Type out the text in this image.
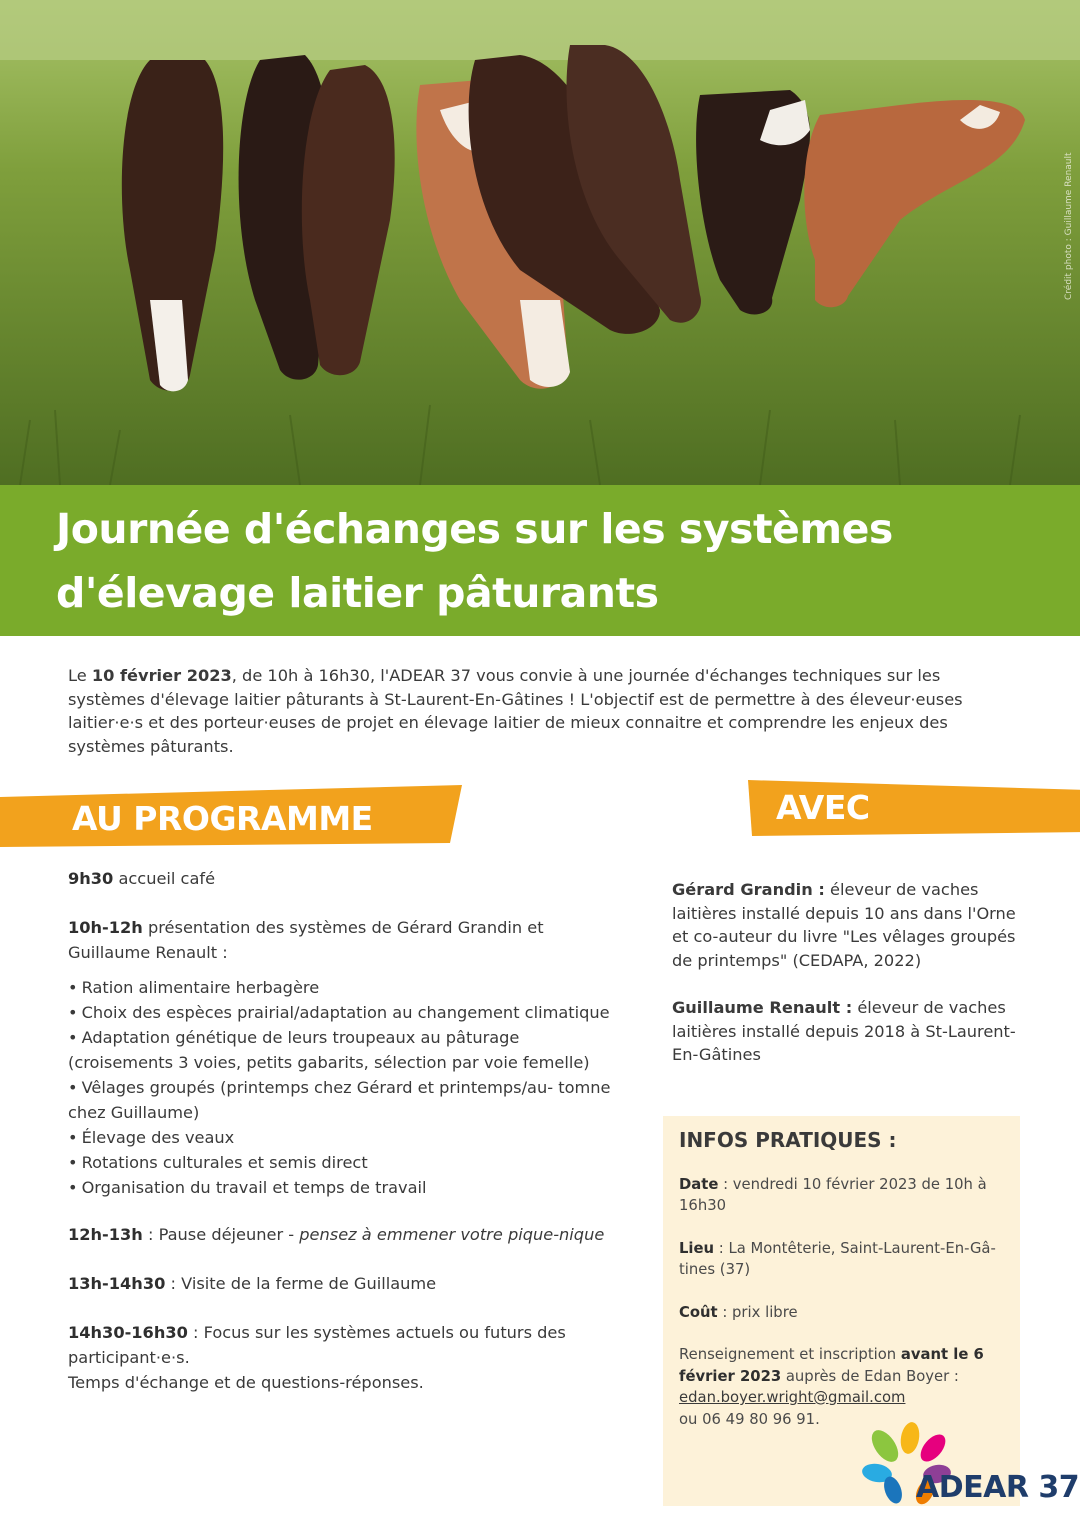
Crédit photo : Guillaume Renault
Journée d'échanges sur les systèmes
d'élevage laitier pâturants

Le 10 février 2023, de 10h à 16h30, l'ADEAR 37 vous convie à une journée d'échanges techniques sur les systèmes d'élevage laitier pâturants à St-Laurent-En-Gâtines ! L'objectif est de permettre à des éleveur·euses laitier·e·s et des porteur·euses de projet en élevage laitier de mieux connaitre et comprendre les enjeux des systèmes pâturants.

AU PROGRAMME	AVEC

9h30 accueil café

10h-12h présentation des systèmes de Gérard Grandin et Guillaume Renault :

• Ration alimentaire herbagère
• Choix des espèces prairial/adaptation au changement climatique
• Adaptation génétique de leurs troupeaux au pâturage (croisements 3 voies, petits gabarits, sélection par voie femelle)
• Vêlages groupés (printemps chez Gérard et printemps/au- tomne chez Guillaume)
• Élevage des veaux
• Rotations culturales et semis direct
• Organisation du travail et temps de travail

12h-13h : Pause déjeuner - pensez à emmener votre pique-nique

13h-14h30 : Visite de la ferme de Guillaume

14h30-16h30 : Focus sur les systèmes actuels ou futurs des participant·e·s.
Temps d'échange et de questions-réponses.

Gérard Grandin : éleveur de vaches laitières installé depuis 10 ans dans l'Orne et co-auteur du livre "Les vêlages groupés de printemps" (CEDAPA, 2022)

Guillaume Renault : éleveur de vaches laitières installé depuis 2018 à St-Laurent-En-Gâtines

INFOS PRATIQUES :

Date : vendredi 10 février 2023 de 10h à 16h30

Lieu : La Montêterie, Saint-Laurent-En-Gâ- tines (37)

Coût : prix libre

Renseignement et inscription avant le 6 février 2023 auprès de Edan Boyer :
edan.boyer.wright@gmail.com
ou 06 49 80 96 91.

ADEAR 37
